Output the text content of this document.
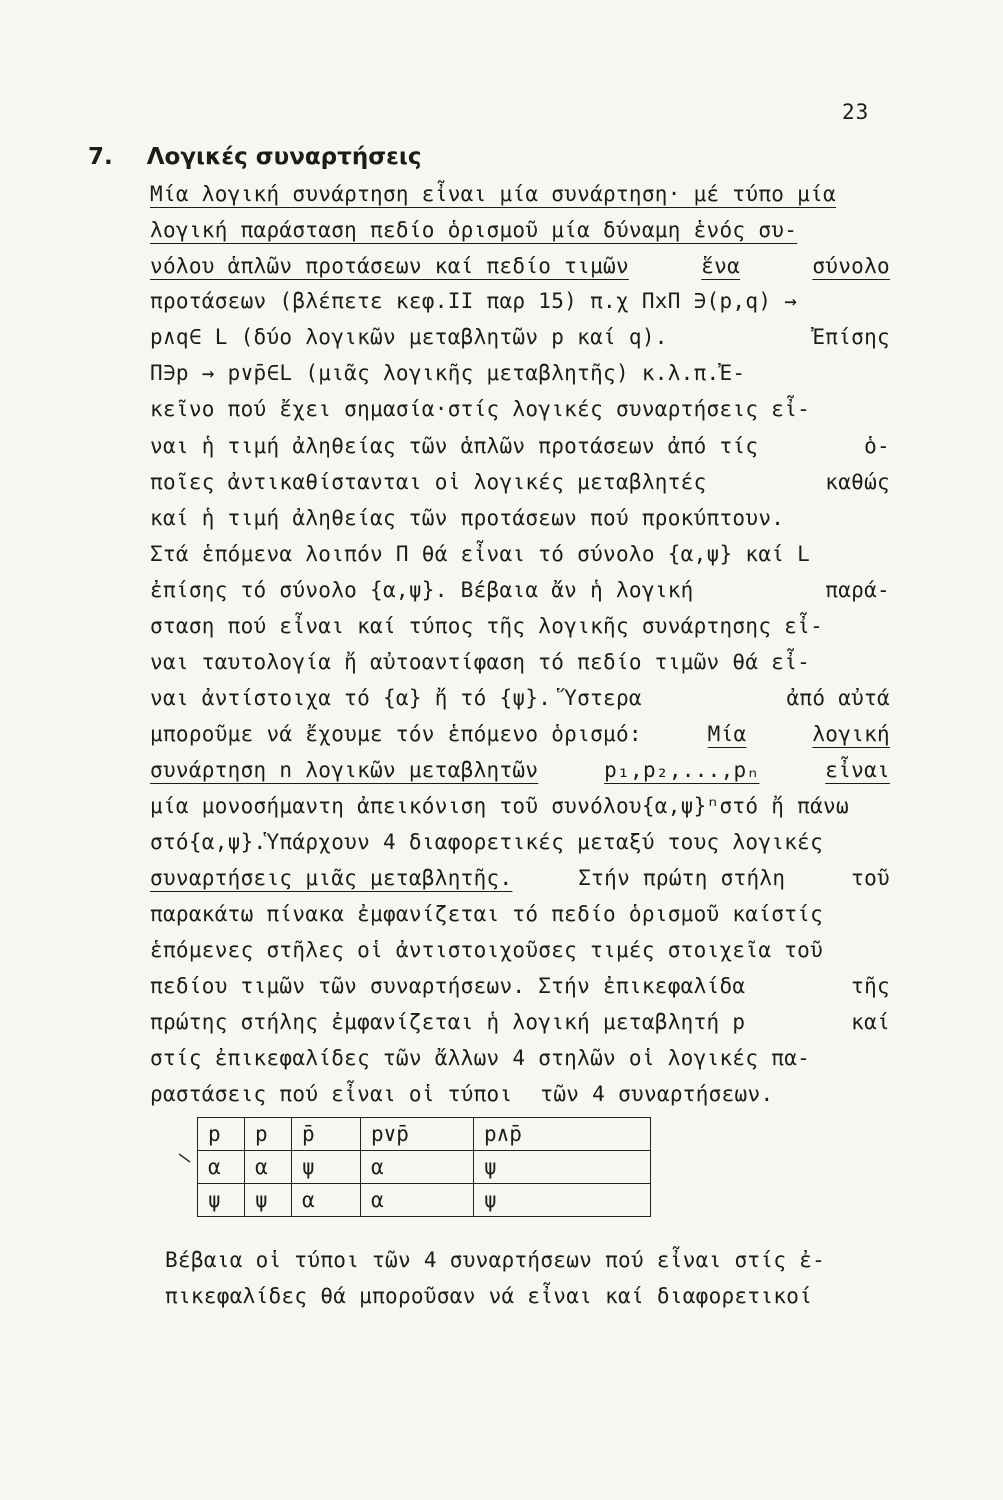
23
7. Λογικές συναρτήσεις
Μία λογική συνάρτηση εἶναι μία συνάρτηση· μέ τύπο μία
λογική παράσταση πεδίο ὁρισμοῦ μία δύναμη ἑνός συ-
νόλου ἁπλῶν προτάσεων καί πεδίο τιμῶν	ἕνα	σύνολο
προτάσεων (βλέπετε κεφ.ΙΙ παρ 15) π.χ ΠxΠ ∋(p,q) →
p∧q∈ L (δύο λογικῶν μεταβλητῶν p καί q).	Ἐπίσης
Π∋p → p∨p̄∈L (μιᾶς λογικῆς μεταβλητῆς) κ.λ.π.Ἐ-
κεῖνο πού ἔχει σημασία·στίς λογικές συναρτήσεις εἶ-
ναι ἡ τιμή ἀληθείας τῶν ἁπλῶν προτάσεων ἀπό τίς	ὁ-
ποῖες ἀντικαθίστανται οἱ λογικές μεταβλητές	καθώς
καί ἡ τιμή ἀληθείας τῶν προτάσεων πού προκύπτουν.
Στά ἑπόμενα λοιπόν Π θά εἶναι τό σύνολο {α,ψ} καί L
ἐπίσης τό σύνολο {α,ψ}. Βέβαια ἄν ἡ λογική	παρά-
σταση πού εἶναι καί τύπος τῆς λογικῆς συνάρτησης εἶ-
ναι ταυτολογία ἤ αὐτοαντίφαση τό πεδίο τιμῶν θά εἶ-
ναι ἀντίστοιχα τό {α} ἤ τό {ψ}. Ὕστερα	ἀπό αὐτά
μποροῦμε νά ἔχουμε τόν ἑπόμενο ὁρισμό:	Μία	λογική
συνάρτηση n λογικῶν μεταβλητῶν	p₁,p₂,...,pₙ	εἶναι
μία μονοσήμαντη ἀπεικόνιση τοῦ συνόλου{α,ψ}ⁿστό ἤ πάνω
στό{α,ψ}.Ὑπάρχουν 4 διαφορετικές μεταξύ τους λογικές
συναρτήσεις μιᾶς μεταβλητῆς.	Στήν πρώτη στήλη	τοῦ
παρακάτω πίνακα ἐμφανίζεται τό πεδίο ὁρισμοῦ καίστίς
ἑπόμενες στῆλες οἱ ἀντιστοιχοῦσες τιμές στοιχεῖα τοῦ
πεδίου τιμῶν τῶν συναρτήσεων. Στήν ἐπικεφαλίδα	τῆς
πρώτης στήλης ἐμφανίζεται ἡ λογική μεταβλητή p	καί
στίς ἐπικεφαλίδες τῶν ἄλλων 4 στηλῶν οἱ λογικές πα-
ραστάσεις πού εἶναι οἱ τύποι τῶν 4 συναρτήσεων.
p	p	p̄	p∨p̄	p∧p̄
α	α	ψ	α	ψ
ψ	ψ	α	α	ψ
Βέβαια οἱ τύποι τῶν 4 συναρτήσεων πού εἶναι στίς ἐ-
πικεφαλίδες θά μποροῦσαν νά εἶναι καί διαφορετικοί
